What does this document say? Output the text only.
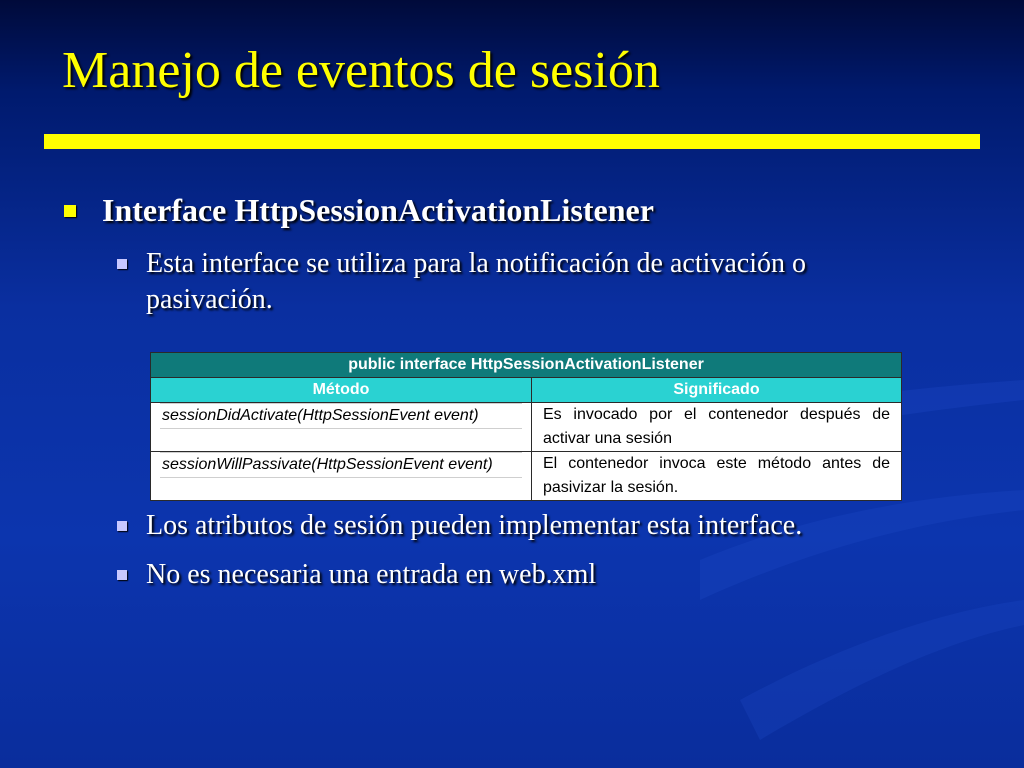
Manejo de eventos de sesión
Interface HttpSessionActivationListener
Esta interface se utiliza para la notificación de activación o pasivación.
public interface HttpSessionActivationListener	

Método	Significado

sessionDidActivate(HttpSessionEvent event)	Es invocado por el contenedor después de activar una sesión

sessionWillPassivate(HttpSessionEvent event)	El contenedor invoca este método antes de pasivizar la sesión.
Los atributos de sesión pueden implementar esta interface.
No es necesaria una entrada en web.xml
